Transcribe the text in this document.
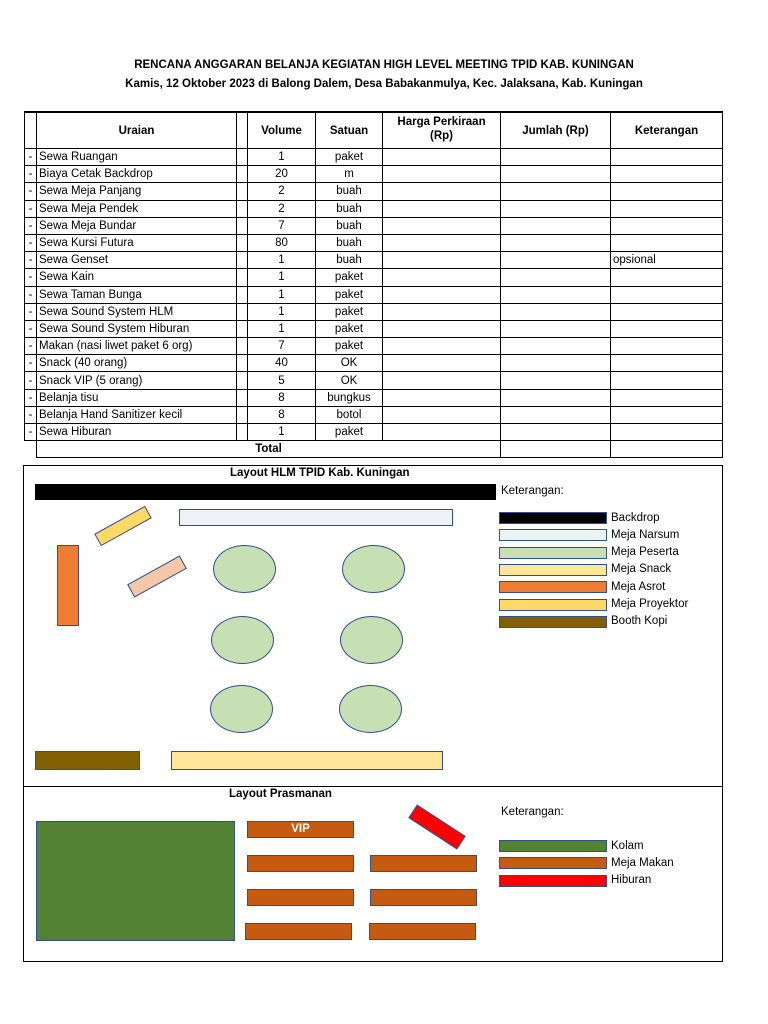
RENCANA ANGGARAN BELANJA KEGIATAN HIGH LEVEL MEETING TPID KAB. KUNINGAN
Kamis, 12 Oktober 2023 di Balong Dalem, Desa Babakanmulya, Kec. Jalaksana, Kab. Kuningan
	Uraian		Volume	Satuan	Harga Perkiraan (Rp)	Jumlah (Rp)	Keterangan
-	Sewa Ruangan		1	paket			
-	Biaya Cetak Backdrop		20	m			
-	Sewa Meja Panjang		2	buah			
-	Sewa Meja Pendek		2	buah			
-	Sewa Meja Bundar		7	buah			
-	Sewa Kursi Futura		80	buah			
-	Sewa Genset		1	buah			opsional
-	Sewa Kain		1	paket			
-	Sewa Taman Bunga		1	paket			
-	Sewa Sound System HLM		1	paket			
-	Sewa Sound System Hiburan		1	paket			
-	Makan (nasi liwet paket 6 org)		7	paket			
-	Snack (40 orang)		40	OK			
-	Snack VIP (5 orang)		5	OK			
-	Belanja tisu		8	bungkus			
-	Belanja Hand Sanitizer kecil		8	botol			
-	Sewa Hiburan		1	paket			
	Total						
Layout HLM TPID Kab. Kuningan
Keterangan:
Backdrop
Meja Narsum
Meja Peserta
Meja Snack
Meja Asrot
Meja Proyektor
Booth Kopi
Layout Prasmanan
VIP
Keterangan:
Kolam
Meja Makan
Hiburan
